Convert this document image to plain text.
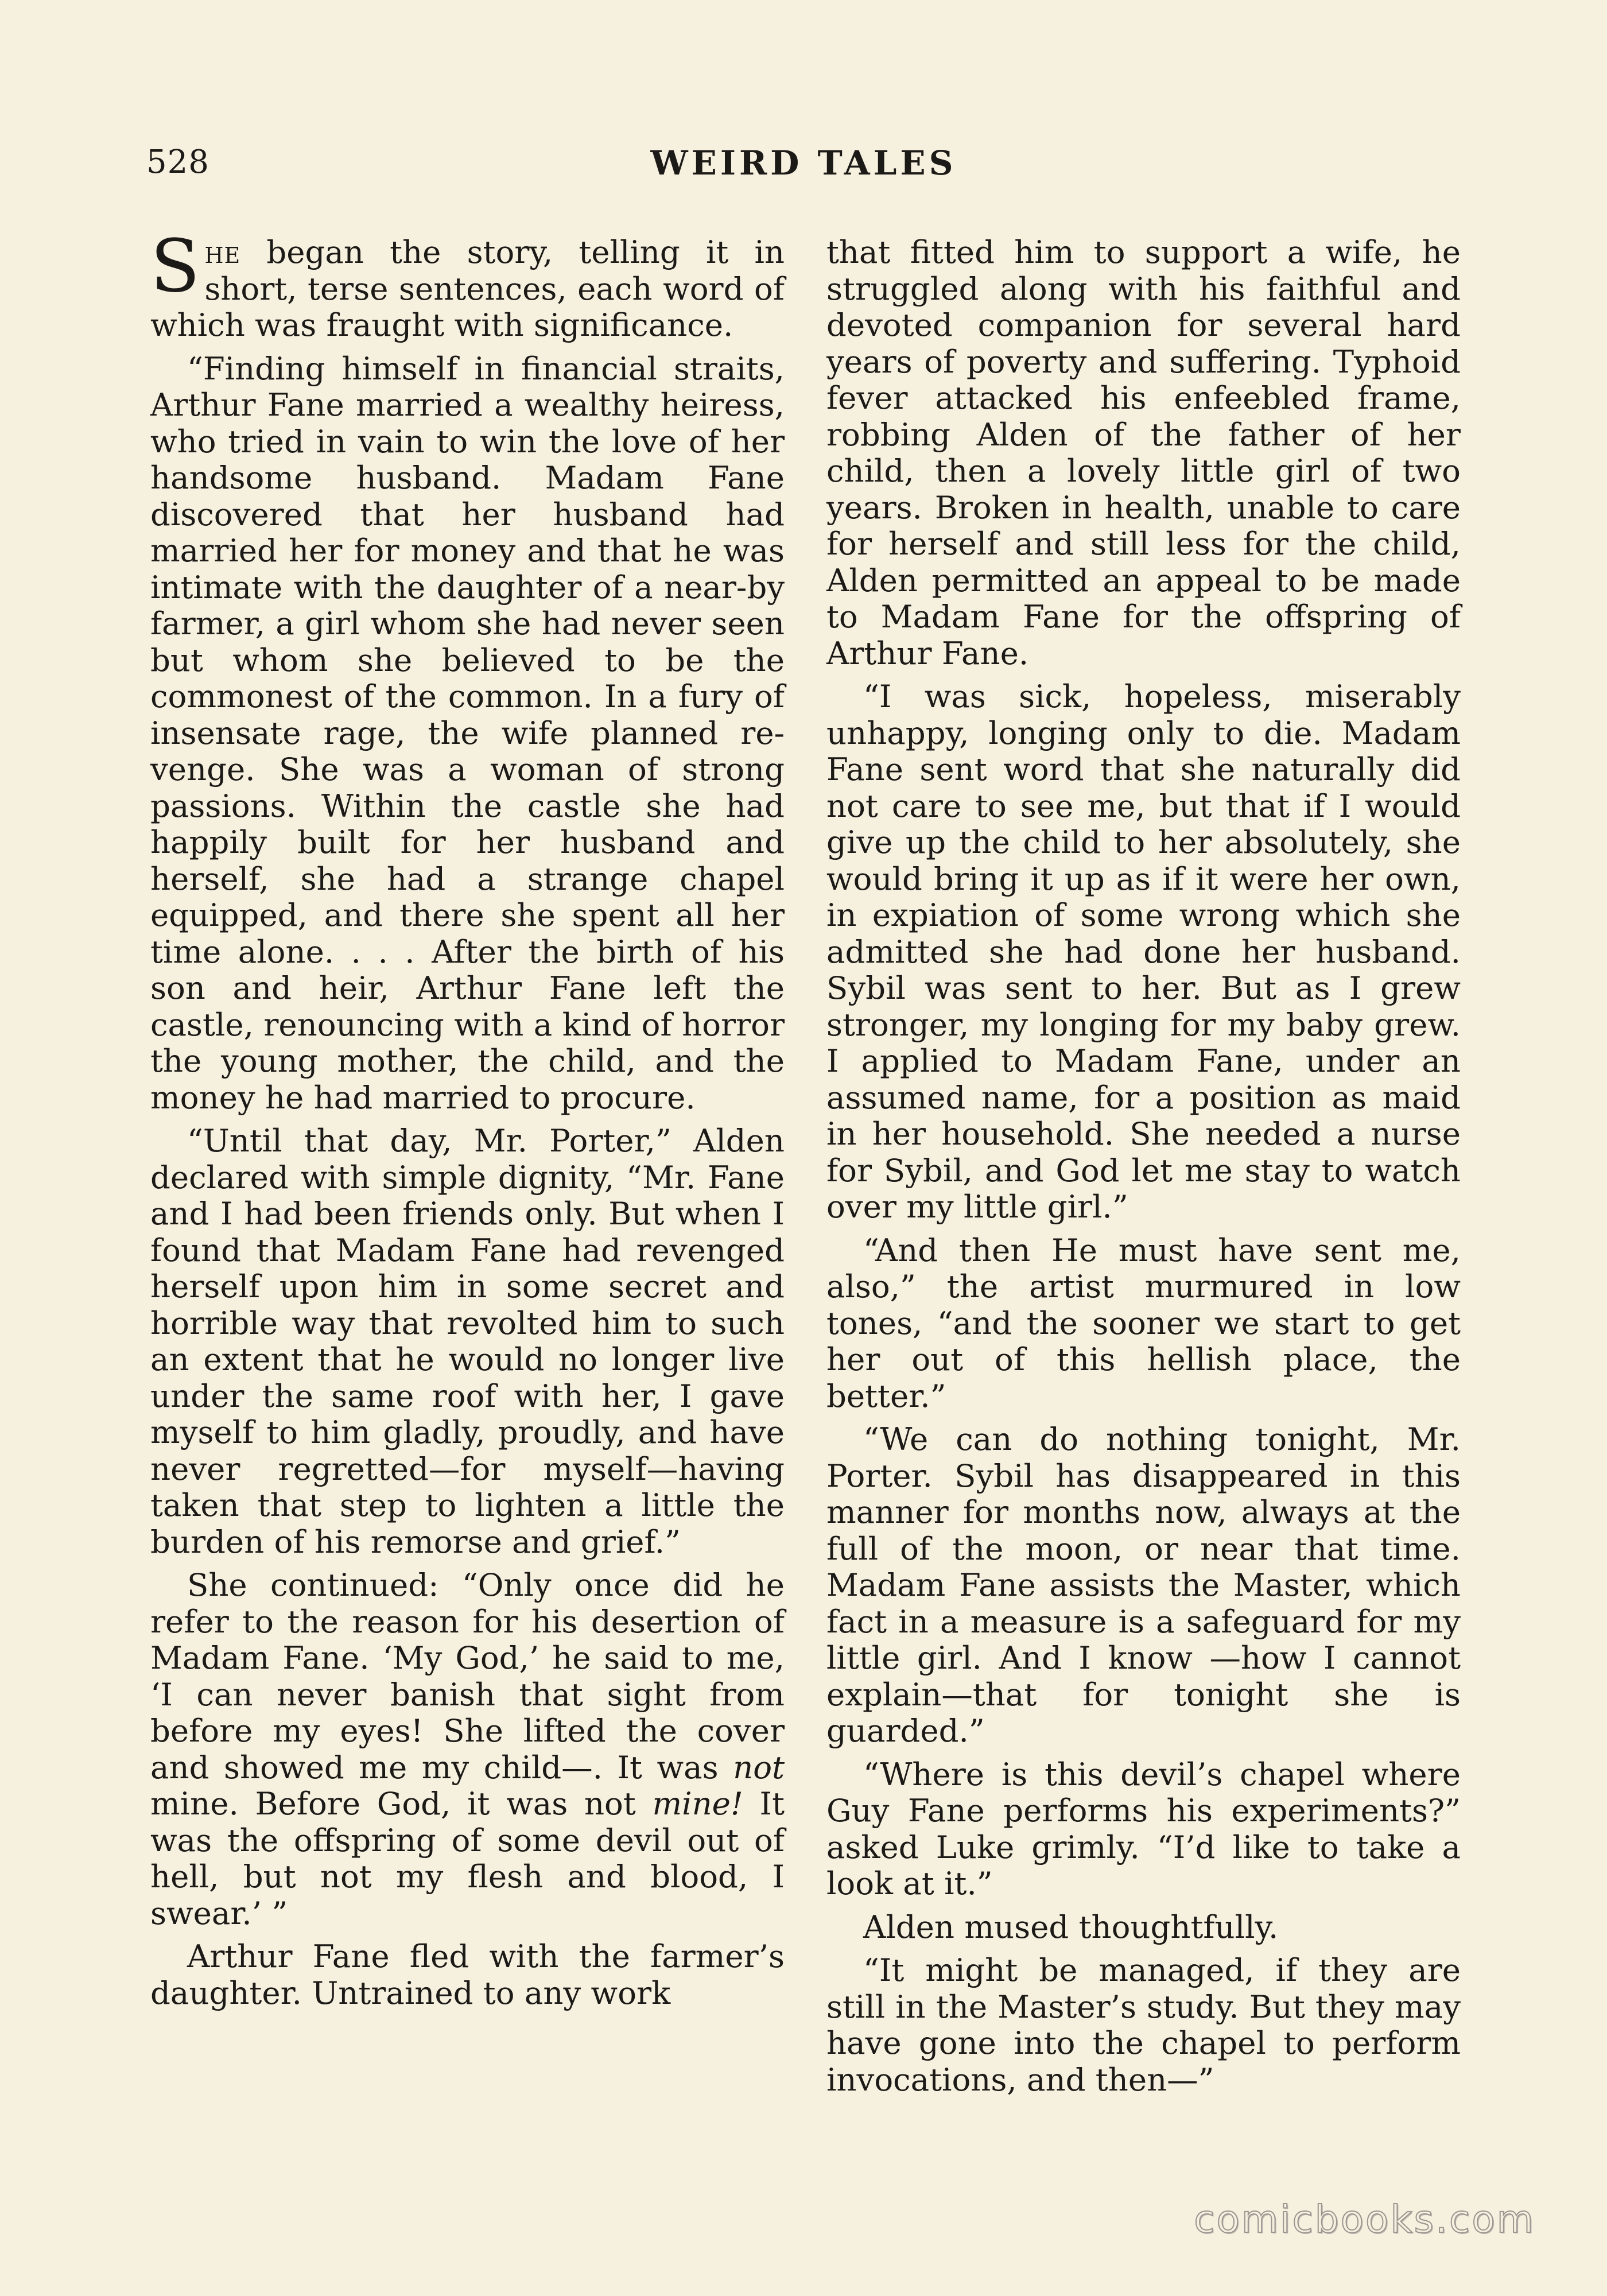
528	WEIRD TALES

She began the story, telling it in short, terse sentences, each word of which was fraught with significance.

“Finding himself in financial straits, Arthur Fane married a wealthy heiress, who tried in vain to win the love of her handsome husband. Madam Fane discovered that her husband had married her for money and that he was intimate with the daughter of a near-by farmer, a girl whom she had never seen but whom she believed to be the commonest of the common. In a fury of insensate rage, the wife planned revenge. She was a woman of strong passions. Within the castle she had happily built for her husband and herself, she had a strange chapel equipped, and there she spent all her time alone. . . . After the birth of his son and heir, Arthur Fane left the castle, renouncing with a kind of horror the young mother, the child, and the money he had married to procure.

“Until that day, Mr. Porter,” Alden declared with simple dignity, “Mr. Fane and I had been friends only. But when I found that Madam Fane had revenged herself upon him in some secret and horrible way that revolted him to such an extent that he would no longer live under the same roof with her, I gave myself to him gladly, proudly, and have never regretted—for myself—having taken that step to lighten a little the burden of his remorse and grief.”

She continued: “Only once did he refer to the reason for his desertion of Madam Fane. ‘My God,’ he said to me, ‘I can never banish that sight from before my eyes! She lifted the cover and showed me my child—. It was not mine. Before God, it was not mine! It was the offspring of some devil out of hell, but not my flesh and blood, I swear.’ ”

Arthur Fane fled with the farmer’s daughter. Untrained to any work

that fitted him to support a wife, he struggled along with his faithful and devoted companion for several hard years of poverty and suffering. Typhoid fever attacked his enfeebled frame, robbing Alden of the father of her child, then a lovely little girl of two years. Broken in health, unable to care for herself and still less for the child, Alden permitted an appeal to be made to Madam Fane for the offspring of Arthur Fane.

“I was sick, hopeless, miserably unhappy, longing only to die. Madam Fane sent word that she naturally did not care to see me, but that if I would give up the child to her absolutely, she would bring it up as if it were her own, in expiation of some wrong which she admitted she had done her husband. Sybil was sent to her. But as I grew stronger, my longing for my baby grew. I applied to Madam Fane, under an assumed name, for a position as maid in her household. She needed a nurse for Sybil, and God let me stay to watch over my little girl.”

“And then He must have sent me, also,” the artist murmured in low tones, “and the sooner we start to get her out of this hellish place, the better.”

“We can do nothing tonight, Mr. Porter. Sybil has disappeared in this manner for months now, always at the full of the moon, or near that time. Madam Fane assists the Master, which fact in a measure is a safeguard for my little girl. And I know —how I cannot explain—that for tonight she is guarded.”

“Where is this devil’s chapel where Guy Fane performs his experiments?” asked Luke grimly. “I’d like to take a look at it.”

Alden mused thoughtfully.

“It might be managed, if they are still in the Master’s study. But they may have gone into the chapel to perform invocations, and then—”

comicbooks.com
